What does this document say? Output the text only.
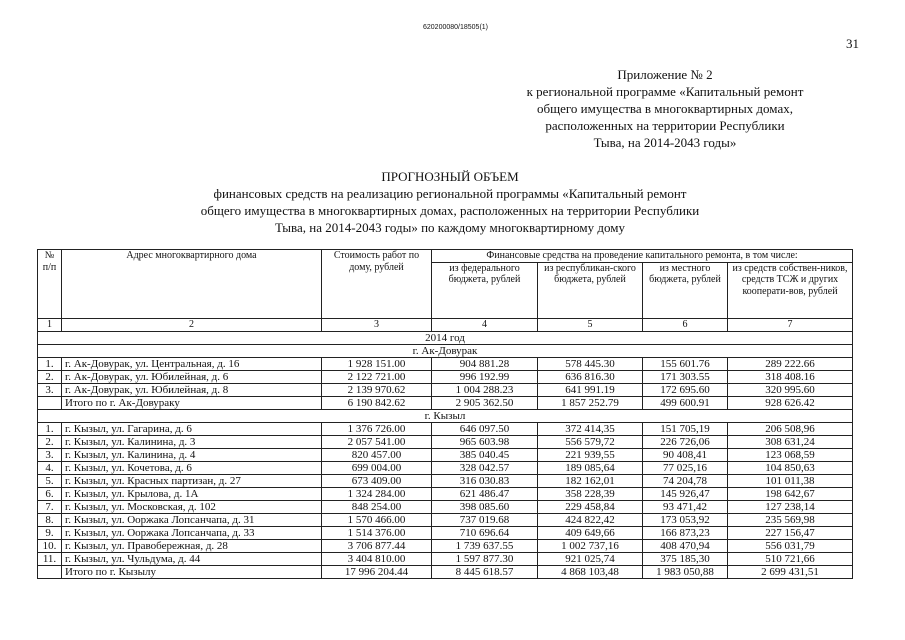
620200080/18505(1)
31
Приложение № 2
к региональной программе «Капитальный ремонт
общего имущества в многоквартирных домах,
расположенных на территории Республики
Тыва, на 2014-2043 годы»
ПРОГНОЗНЫЙ ОБЪЕМ
финансовых средств на реализацию региональной программы «Капитальный ремонт
общего имущества в многоквартирных домах, расположенных на территории Республики
Тыва, на 2014-2043 годы» по каждому многоквартирному дому
№ п/п	Адрес многоквартирного дома	Стоимость работ по дому, рублей	Финансовые средства на проведение капитального ремонта, в том числе:			
			из федерального бюджета, рублей	из республикан-ского бюджета, рублей	из местного бюджета, рублей	из средств собствен-ников, средств ТСЖ и других кооперати-вов, рублей
1	2	3	4	5	6	7
2014 год						
г. Ак-Довурак						
1.	г. Ак-Довурак, ул. Центральная, д. 16	1 928 151.00	904 881.28	578 445.30	155 601.76	289 222.66
2.	г. Ак-Довурак, ул. Юбилейная, д. 6	2 122 721.00	996 192.99	636 816.30	171 303.55	318 408.16
3.	г. Ак-Довурак, ул. Юбилейная, д. 8	2 139 970.62	1 004 288.23	641 991.19	172 695.60	320 995.60
	Итого по г. Ак-Довураку	6 190 842.62	2 905 362.50	1 857 252.79	499 600.91	928 626.42
г. Кызыл						
1.	г. Кызыл, ул. Гагарина, д. 6	1 376 726.00	646 097.50	372 414,35	151 705,19	206 508,96
2.	г. Кызыл, ул. Калинина, д. 3	2 057 541.00	965 603.98	556 579,72	226 726,06	308 631,24
3.	г. Кызыл, ул. Калинина, д. 4	820 457.00	385 040.45	221 939,55	90 408,41	123 068,59
4.	г. Кызыл, ул. Кочетова, д. 6	699 004.00	328 042.57	189 085,64	77 025,16	104 850,63
5.	г. Кызыл, ул. Красных партизан, д. 27	673 409.00	316 030.83	182 162,01	74 204,78	101 011,38
6.	г. Кызыл, ул. Крылова, д. 1А	1 324 284.00	621 486.47	358 228,39	145 926,47	198 642,67
7.	г. Кызыл, ул. Московская, д. 102	848 254.00	398 085.60	229 458,84	93 471,42	127 238,14
8.	г. Кызыл, ул. Ооржака Лопсанчапа, д. 31	1 570 466.00	737 019.68	424 822,42	173 053,92	235 569,98
9.	г. Кызыл, ул. Ооржака Лопсанчапа, д. 33	1 514 376.00	710 696.64	409 649,66	166 873,23	227 156,47
10.	г. Кызыл, ул. Правобережная, д. 28	3 706 877.44	1 739 637.55	1 002 737,16	408 470,94	556 031,79
11.	г. Кызыл, ул. Чульдума, д. 44	3 404 810.00	1 597 877.30	921 025,74	375 185,30	510 721,66
	Итого по г. Кызылу	17 996 204.44	8 445 618.57	4 868 103,48	1 983 050,88	2 699 431,51
